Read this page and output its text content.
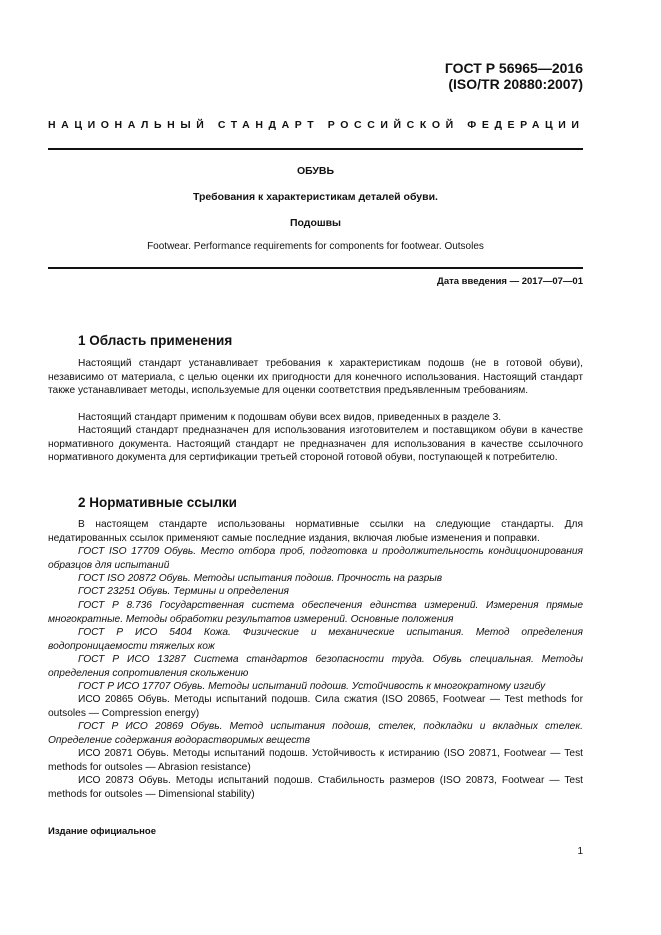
ГОСТ Р 56965—2016
(ISO/TR 20880:2007)
НАЦИОНАЛЬНЫЙ СТАНДАРТ РОССИЙСКОЙ ФЕДЕРАЦИИ
ОБУВЬ
Требования к характеристикам деталей обуви.
Подошвы
Footwear. Performance requirements for components for footwear. Outsoles
Дата введения — 2017—07—01
1 Область применения
Настоящий стандарт устанавливает требования к характеристикам подошв (не в готовой обуви), независимо от материала, с целью оценки их пригодности для конечного использования. Настоящий стандарт также устанавливает методы, используемые для оценки соответствия предъявленным требованиям.
Настоящий стандарт применим к подошвам обуви всех видов, приведенных в разделе 3.
Настоящий стандарт предназначен для использования изготовителем и поставщиком обуви в качестве нормативного документа. Настоящий стандарт не предназначен для использования в качестве ссылочного нормативного документа для сертификации третьей стороной готовой обуви, поступающей к потребителю.
2 Нормативные ссылки
В настоящем стандарте использованы нормативные ссылки на следующие стандарты. Для недатированных ссылок применяют самые последние издания, включая любые изменения и поправки.
ГОСТ ISO 17709 Обувь. Место отбора проб, подготовка и продолжительность кондиционирования образцов для испытаний
ГОСТ ISO 20872 Обувь. Методы испытания подошв. Прочность на разрыв
ГОСТ 23251 Обувь. Термины и определения
ГОСТ Р 8.736 Государственная система обеспечения единства измерений. Измерения прямые многократные. Методы обработки результатов измерений. Основные положения
ГОСТ Р ИСО 5404 Кожа. Физические и механические испытания. Метод определения водопроницаемости тяжелых кож
ГОСТ Р ИСО 13287 Система стандартов безопасности труда. Обувь специальная. Методы определения сопротивления скольжению
ГОСТ Р ИСО 17707 Обувь. Методы испытаний подошв. Устойчивость к многократному изгибу
ИСО 20865 Обувь. Методы испытаний подошв. Сила сжатия (ISO 20865, Footwear — Test methods for outsoles — Compression energy)
ГОСТ Р ИСО 20869 Обувь. Метод испытания подошв, стелек, подкладки и вкладных стелек. Определение содержания водорастворимых веществ
ИСО 20871 Обувь. Методы испытаний подошв. Устойчивость к истиранию (ISO 20871, Footwear — Test methods for outsoles — Abrasion resistance)
ИСО 20873 Обувь. Методы испытаний подошв. Стабильность размеров (ISO 20873, Footwear — Test methods for outsoles — Dimensional stability)
Издание официальное
1
